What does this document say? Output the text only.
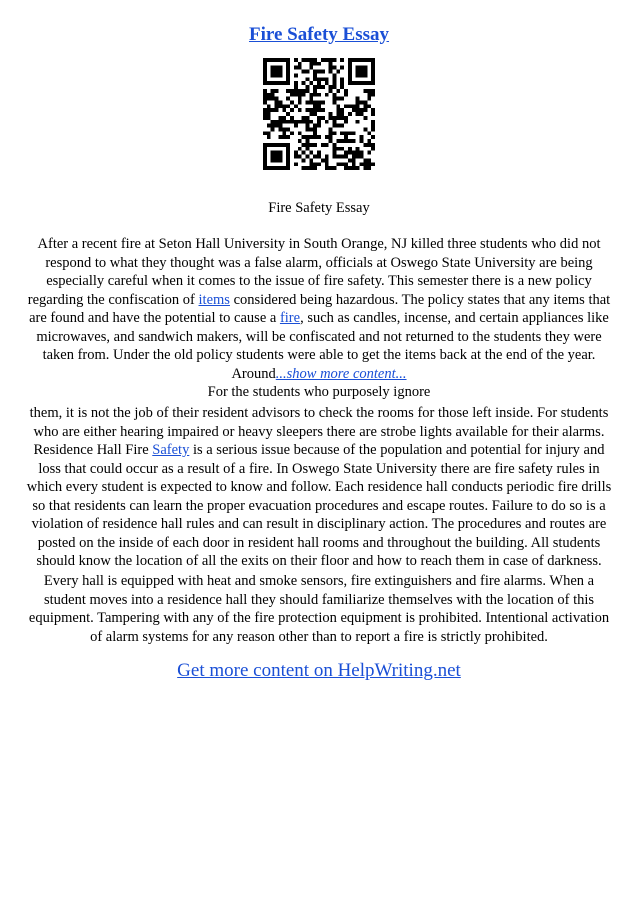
Fire Safety Essay
Fire Safety Essay
After a recent fire at Seton Hall University in South Orange, NJ killed three students who did not respond to what they thought was a false alarm, officials at Oswego State University are being especially careful when it comes to the issue of fire safety. This semester there is a new policy regarding the confiscation of items considered being hazardous. The policy states that any items that are found and have the potential to cause a fire, such as candles, incense, and certain appliances like microwaves, and sandwich makers, will be confiscated and not returned to the students they were taken from. Under the old policy students were able to get the items back at the end of the year. Around...show more content...
For the students who purposely ignore
them, it is not the job of their resident advisors to check the rooms for those left inside. For students who are either hearing impaired or heavy sleepers there are strobe lights available for their alarms. Residence Hall Fire Safety is a serious issue because of the population and potential for injury and loss that could occur as a result of a fire. In Oswego State University there are fire safety rules in which every student is expected to know and follow. Each residence hall conducts periodic fire drills so that residents can learn the proper evacuation procedures and escape routes. Failure to do so is a violation of residence hall rules and can result in disciplinary action. The procedures and routes are posted on the inside of each door in resident hall rooms and throughout the building. All students should know the location of all the exits on their floor and how to reach them in case of darkness.
Every hall is equipped with heat and smoke sensors, fire extinguishers and fire alarms. When a student moves into a residence hall they should familiarize themselves with the location of this equipment. Tampering with any of the fire protection equipment is prohibited. Intentional activation of alarm systems for any reason other than to report a fire is strictly prohibited.
Get more content on HelpWriting.net
